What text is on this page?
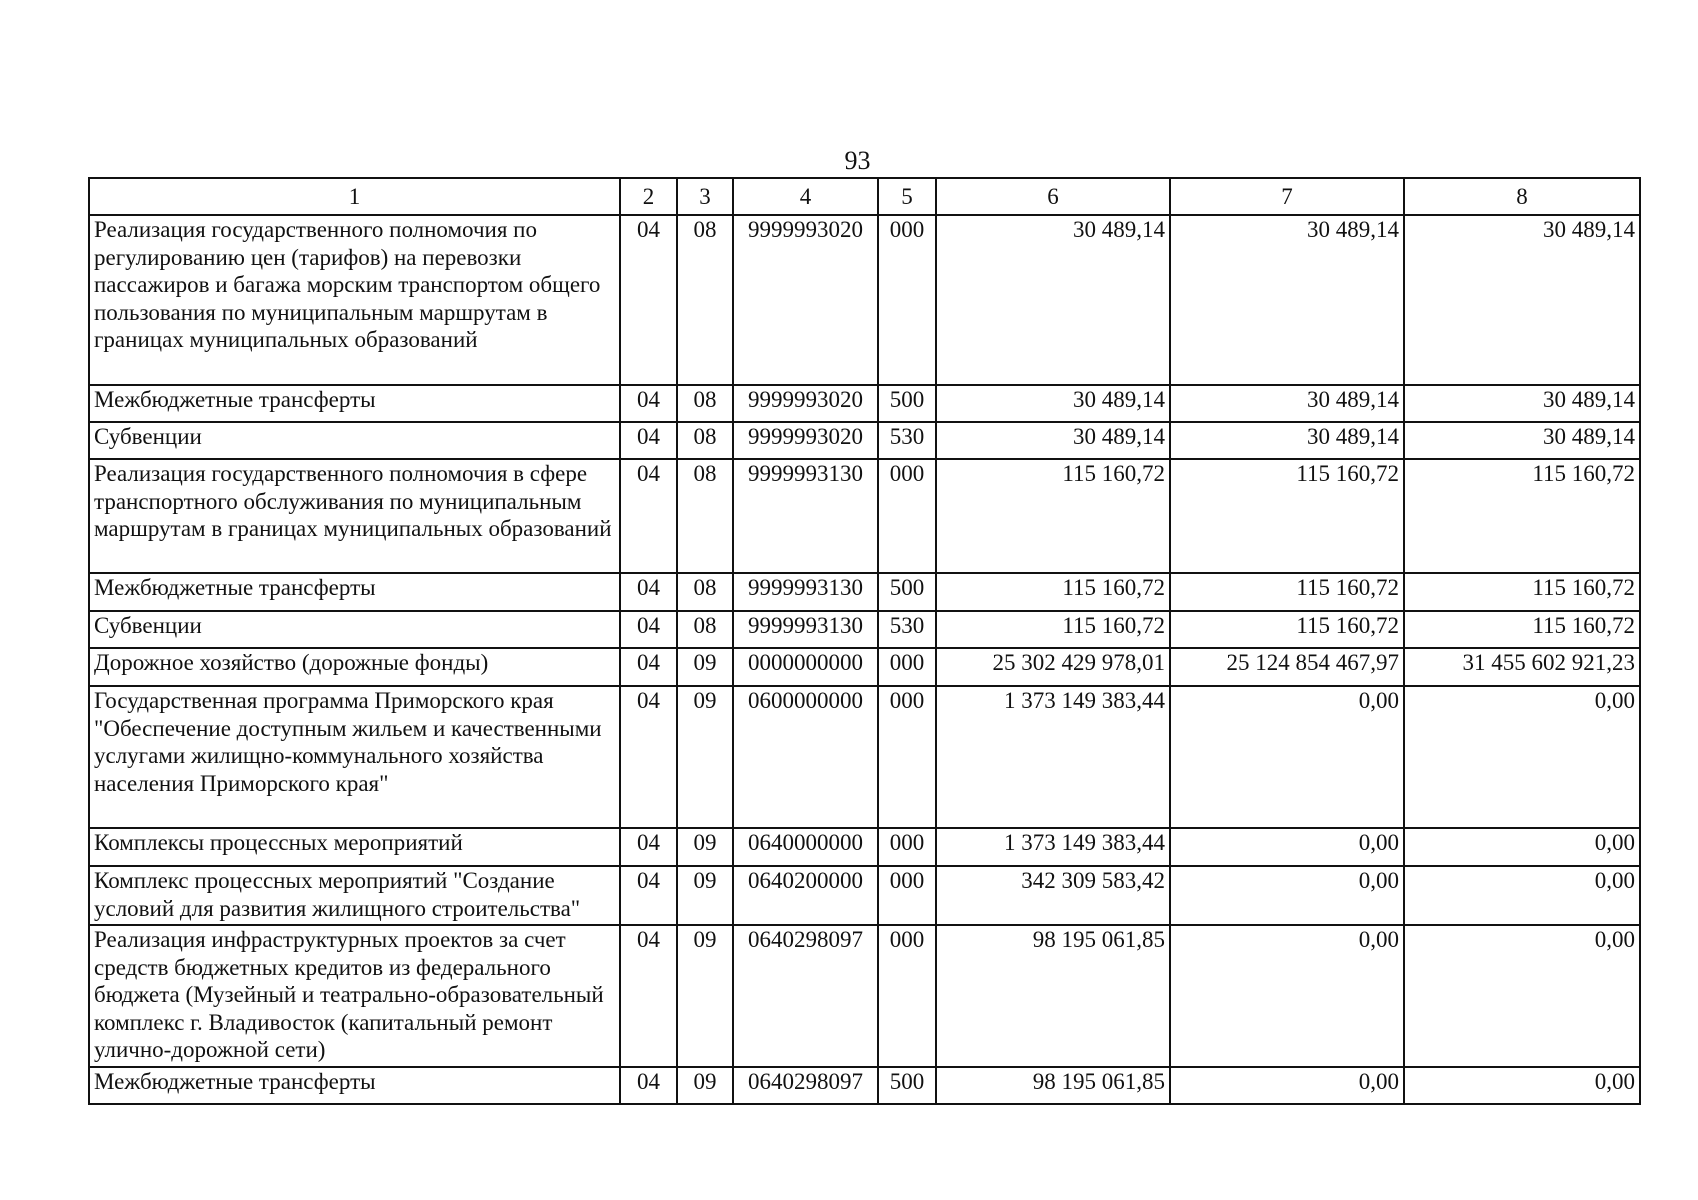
93
1	2	3	4	5	6	7	8
Реализация государственного полномочия по регулированию цен (тарифов) на перевозки пассажиров и багажа морским транспортом общего пользования по муниципальным маршрутам в границах муниципальных образований	04	08	9999993020	000	30 489,14	30 489,14	30 489,14
Межбюджетные трансферты	04	08	9999993020	500	30 489,14	30 489,14	30 489,14
Субвенции	04	08	9999993020	530	30 489,14	30 489,14	30 489,14
Реализация государственного полномочия в сфере транспортного обслуживания по муниципальным маршрутам в границах муниципальных образований	04	08	9999993130	000	115 160,72	115 160,72	115 160,72
Межбюджетные трансферты	04	08	9999993130	500	115 160,72	115 160,72	115 160,72
Субвенции	04	08	9999993130	530	115 160,72	115 160,72	115 160,72
Дорожное хозяйство (дорожные фонды)	04	09	0000000000	000	25 302 429 978,01	25 124 854 467,97	31 455 602 921,23
Государственная программа Приморского края "Обеспечение доступным жильем и качественными услугами жилищно-коммунального хозяйства населения Приморского края"	04	09	0600000000	000	1 373 149 383,44	0,00	0,00
Комплексы процессных мероприятий	04	09	0640000000	000	1 373 149 383,44	0,00	0,00
Комплекс процессных мероприятий "Создание условий для развития жилищного строительства"	04	09	0640200000	000	342 309 583,42	0,00	0,00
Реализация инфраструктурных проектов за счет средств бюджетных кредитов из федерального бюджета (Музейный и театрально-образовательный комплекс г. Владивосток (капитальный ремонт улично-дорожной сети)	04	09	0640298097	000	98 195 061,85	0,00	0,00
Межбюджетные трансферты	04	09	0640298097	500	98 195 061,85	0,00	0,00
